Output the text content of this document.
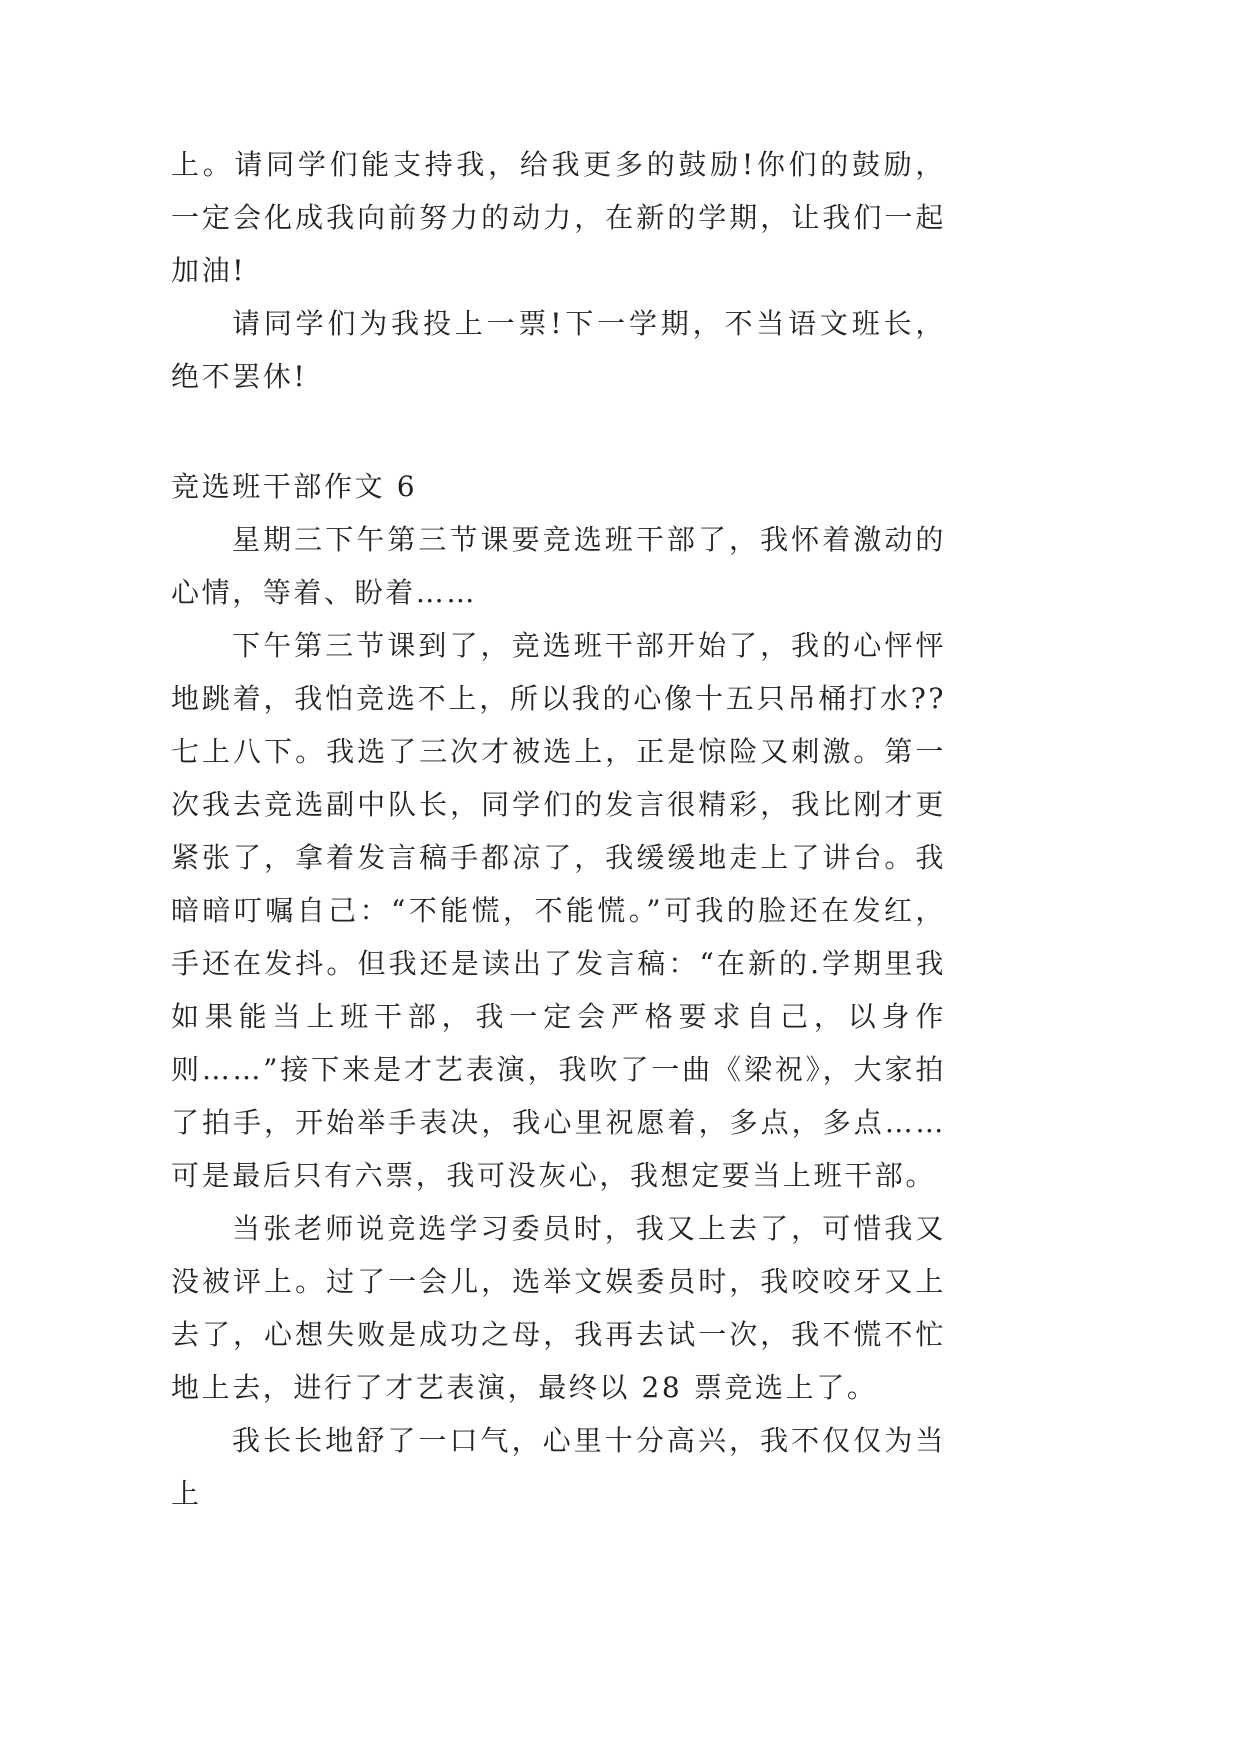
上。请同学们能支持我，给我更多的鼓励!你们的鼓励，一定会化成我向前努力的动力，在新的学期，让我们一起加油!

请同学们为我投上一票!下一学期，不当语文班长，绝不罢休!

竞选班干部作文 6

星期三下午第三节课要竞选班干部了，我怀着激动的心情，等着、盼着……

下午第三节课到了，竞选班干部开始了，我的心怦怦地跳着，我怕竞选不上，所以我的心像十五只吊桶打水??七上八下。我选了三次才被选上，正是惊险又刺激。第一次我去竞选副中队长，同学们的发言很精彩，我比刚才更紧张了，拿着发言稿手都凉了，我缓缓地走上了讲台。我暗暗叮嘱自己：“不能慌，不能慌。”可我的脸还在发红，手还在发抖。但我还是读出了发言稿：“在新的.学期里我如果能当上班干部，我一定会严格要求自己，以身作则……”接下来是才艺表演，我吹了一曲《梁祝》，大家拍了拍手，开始举手表决，我心里祝愿着，多点，多点……可是最后只有六票，我可没灰心，我想定要当上班干部。

当张老师说竞选学习委员时，我又上去了，可惜我又没被评上。过了一会儿，选举文娱委员时，我咬咬牙又上去了，心想失败是成功之母，我再去试一次，我不慌不忙地上去，进行了才艺表演，最终以 28 票竞选上了。

我长长地舒了一口气，心里十分高兴，我不仅仅为当上
